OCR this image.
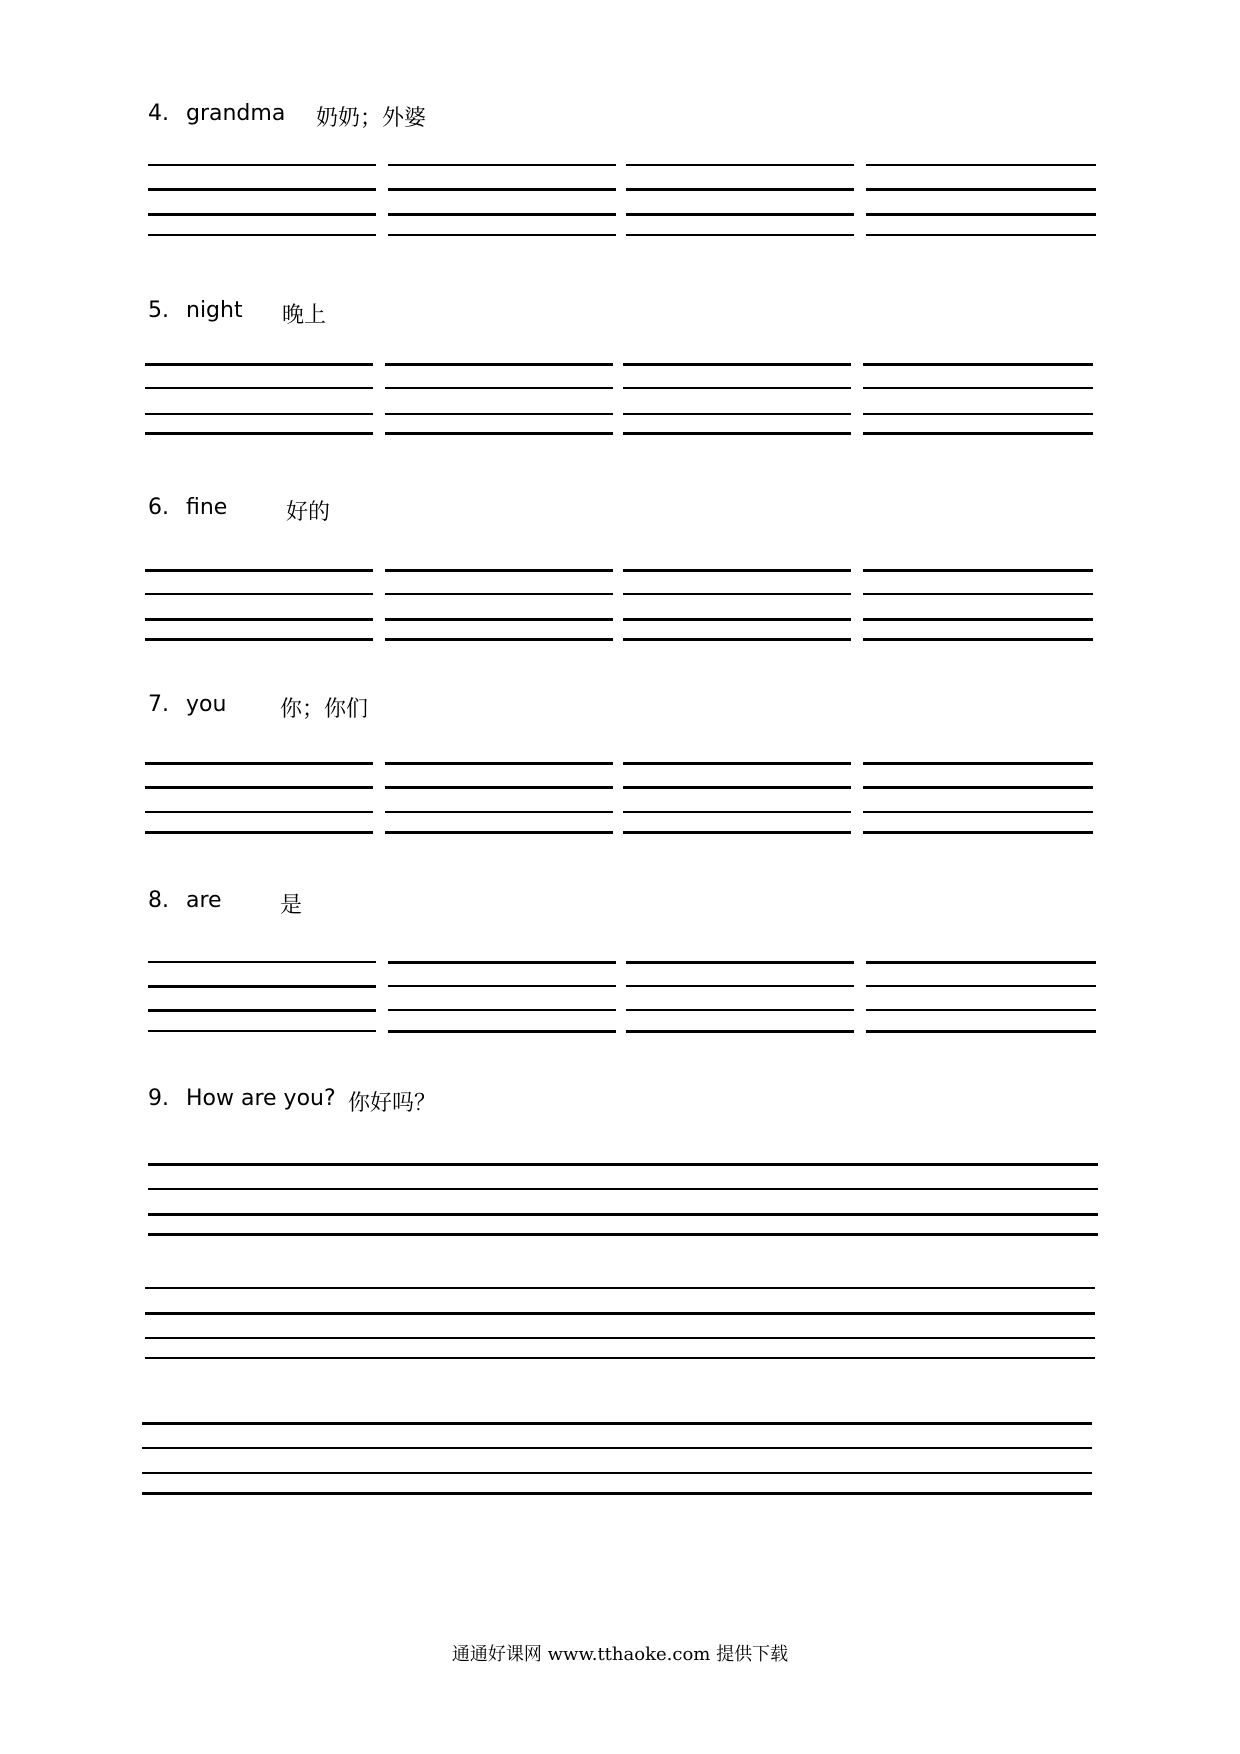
4. grandma 奶奶；外婆
5. night 晚上
6. fine	好的
7. you 你；你们
8. are	是
9. How are you? 你好吗？
通通好课网 www.tthaoke.com 提供下载
